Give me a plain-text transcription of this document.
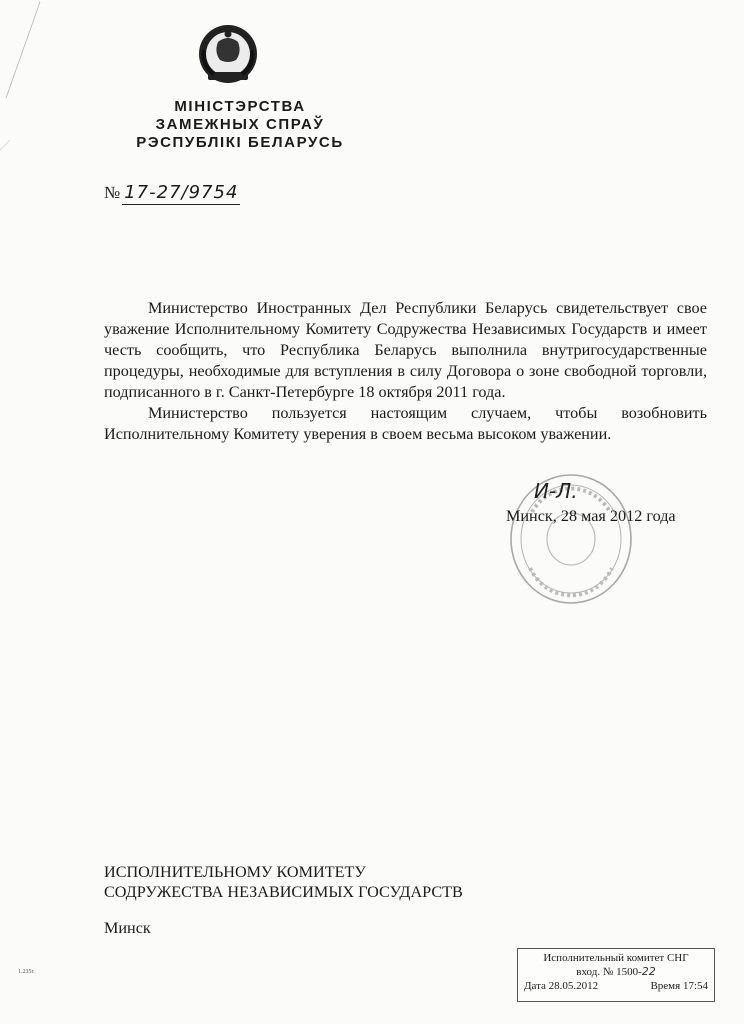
МІНІСТЭРСТВА
ЗАМЕЖНЫХ СПРАЎ
РЭСПУБЛІКІ БЕЛАРУСЬ
№ 17-27/9754

Министерство Иностранных Дел Республики Беларусь свидетельствует свое уважение Исполнительному Комитету Содружества Независимых Государств и имеет честь сообщить, что Республика Беларусь выполнила внутригосударственные процедуры, необходимые для вступления в силу Договора о зоне свободной торговли, подписанного в г. Санкт-Петербурге 18 октября 2011 года.

Министерство пользуется настоящим случаем, чтобы возобновить Исполнительному Комитету уверения в своем весьма высоком уважении.

И-Л.
Минск, 28 мая 2012 года
ИСПОЛНИТЕЛЬНОМУ КОМИТЕТУ
СОДРУЖЕСТВА НЕЗАВИСИМЫХ ГОСУДАРСТВ
Минск
1.235г.
Исполнительный комитет СНГ
вход. № 1500-22
Дата 28.05.2012	Время 17:54
